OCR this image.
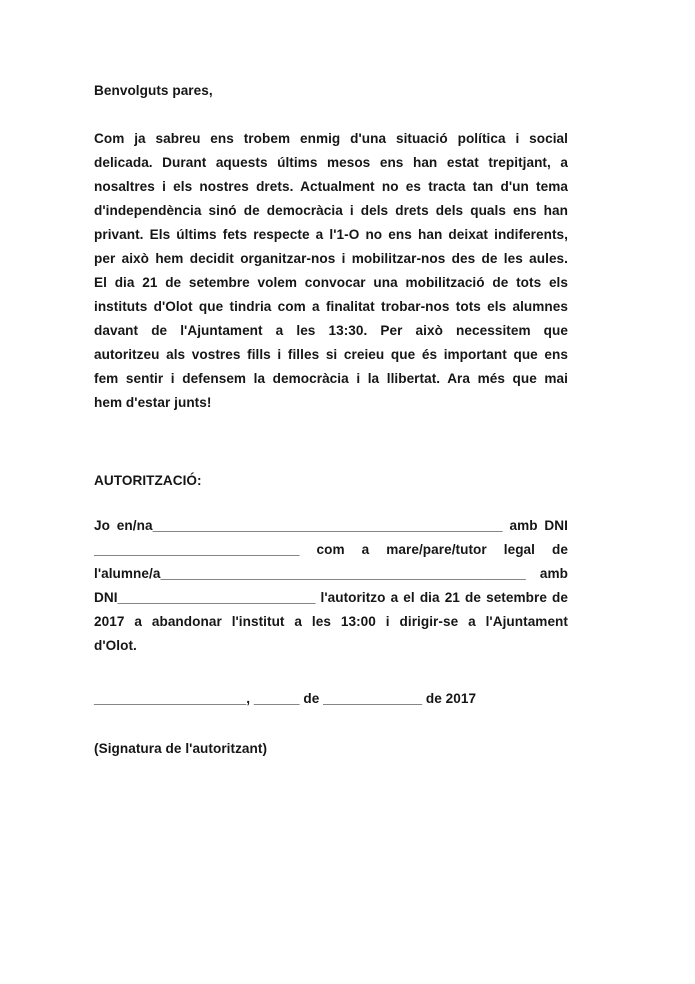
Benvolguts pares,
Com ja sabreu ens trobem enmig d'una situació política i social
delicada. Durant aquests últims mesos ens han estat trepitjant, a
nosaltres i els nostres drets. Actualment no es tracta tan d'un tema
d'independència sinó de democràcia i dels drets dels quals ens han
privant. Els últims fets respecte a l'1-O no ens han deixat indiferents,
per això hem decidit organitzar-nos i mobilitzar-nos des de les aules.
El dia 21 de setembre volem convocar una mobilització de tots els
instituts d'Olot que tindria com a finalitat trobar-nos tots els alumnes
davant de l'Ajuntament a les 13:30. Per això necessitem que
autoritzeu als vostres fills i filles si creieu que és important que ens
fem sentir i defensem la democràcia i la llibertat. Ara més que mai
hem d'estar junts!
AUTORITZACIÓ:
Jo en/na______________________________________________ amb DNI
___________________________ com a mare/pare/tutor legal de
l'alumne/a________________________________________________ amb
DNI__________________________ l'autoritzo a el dia 21 de setembre de
2017 a abandonar l'institut a les 13:00 i dirigir-se a l'Ajuntament
d'Olot.
____________________, ______ de _____________ de 2017
(Signatura de l'autoritzant)
